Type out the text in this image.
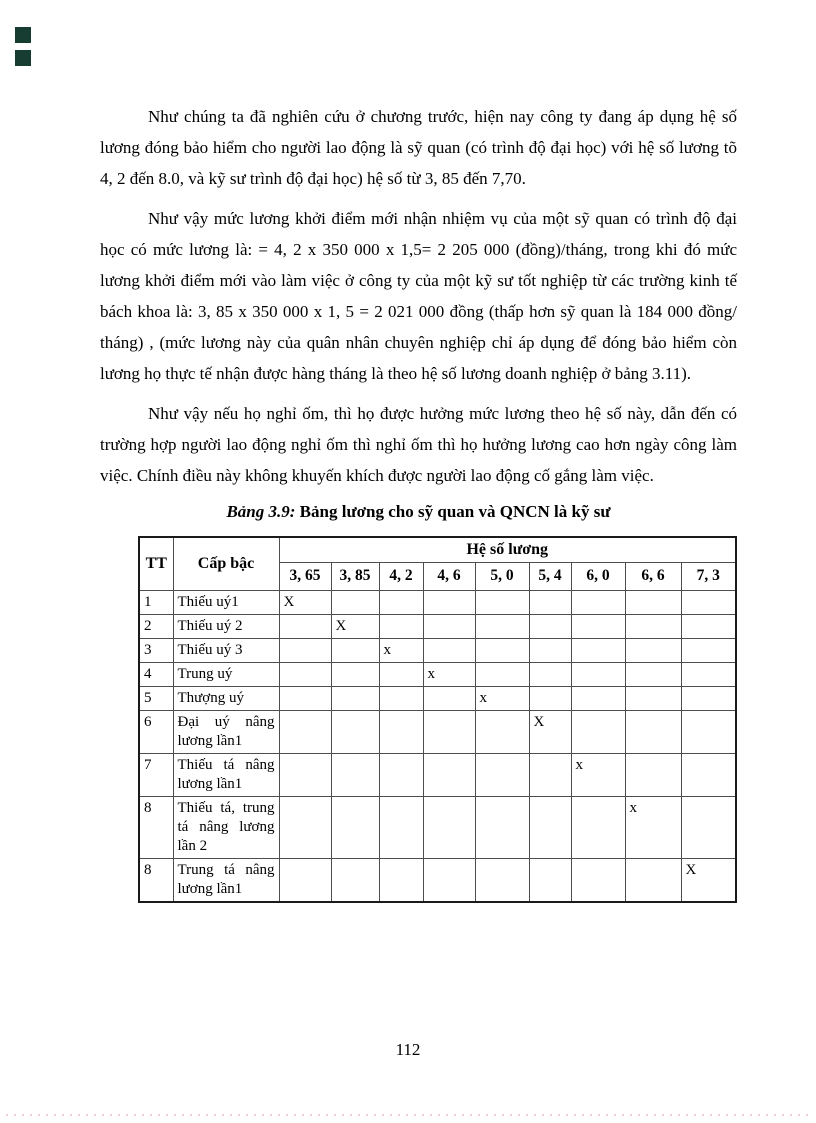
Như chúng ta đã nghiên cứu ở chương trước, hiện nay công ty đang áp dụng hệ số lương đóng bảo hiểm cho người lao động là sỹ quan (có trình độ đại học) với hệ số lương tõ 4, 2 đến 8.0, và kỹ sư trình độ đại học) hệ số từ 3, 85 đến 7,70.

Như vậy mức lương khởi điểm mới nhận nhiệm vụ của một sỹ quan có trình độ đại học có mức lương là: = 4, 2 x 350 000 x 1,5= 2 205 000 (đồng)/tháng, trong khi đó mức lương khởi điểm mới vào làm việc ở công ty của một kỹ sư tốt nghiệp từ các trường kinh tế bách khoa là: 3, 85 x 350 000 x 1, 5 = 2 021 000 đồng (thấp hơn sỹ quan là 184 000 đồng/ tháng) , (mức lương này của quân nhân chuyên nghiệp chỉ áp dụng để đóng bảo hiểm còn lương họ thực tế nhận được hàng tháng là theo hệ số lương doanh nghiệp ở bảng 3.11).

Như vậy nếu họ nghỉ ốm, thì họ được hưởng mức lương theo hệ số này, dẫn đến có trường hợp người lao động nghỉ ốm thì nghỉ ốm thì họ hưởng lương cao hơn ngày công làm việc. Chính điều này không khuyến khích được người lao động cố gắng làm việc.

Bảng 3.9: Bảng lương cho sỹ quan và QNCN là kỹ sư

TT	Cấp bậc	Hệ số lương								
		3, 65	3, 85	4, 2	4, 6	5, 0	5, 4	6, 0	6, 6	7, 3
1	Thiếu uý1	X								
2	Thiếu uý 2		X							
3	Thiếu uý 3			x						
4	Trung uý				x					
5	Thượng uý					x				
6	Đại uý nâng lương lần1						X			
7	Thiếu tá nâng lương lần1							x		
8	Thiếu tá, trung tá nâng lương lần 2								x	
8	Trung tá nâng lương lần1									X
112
